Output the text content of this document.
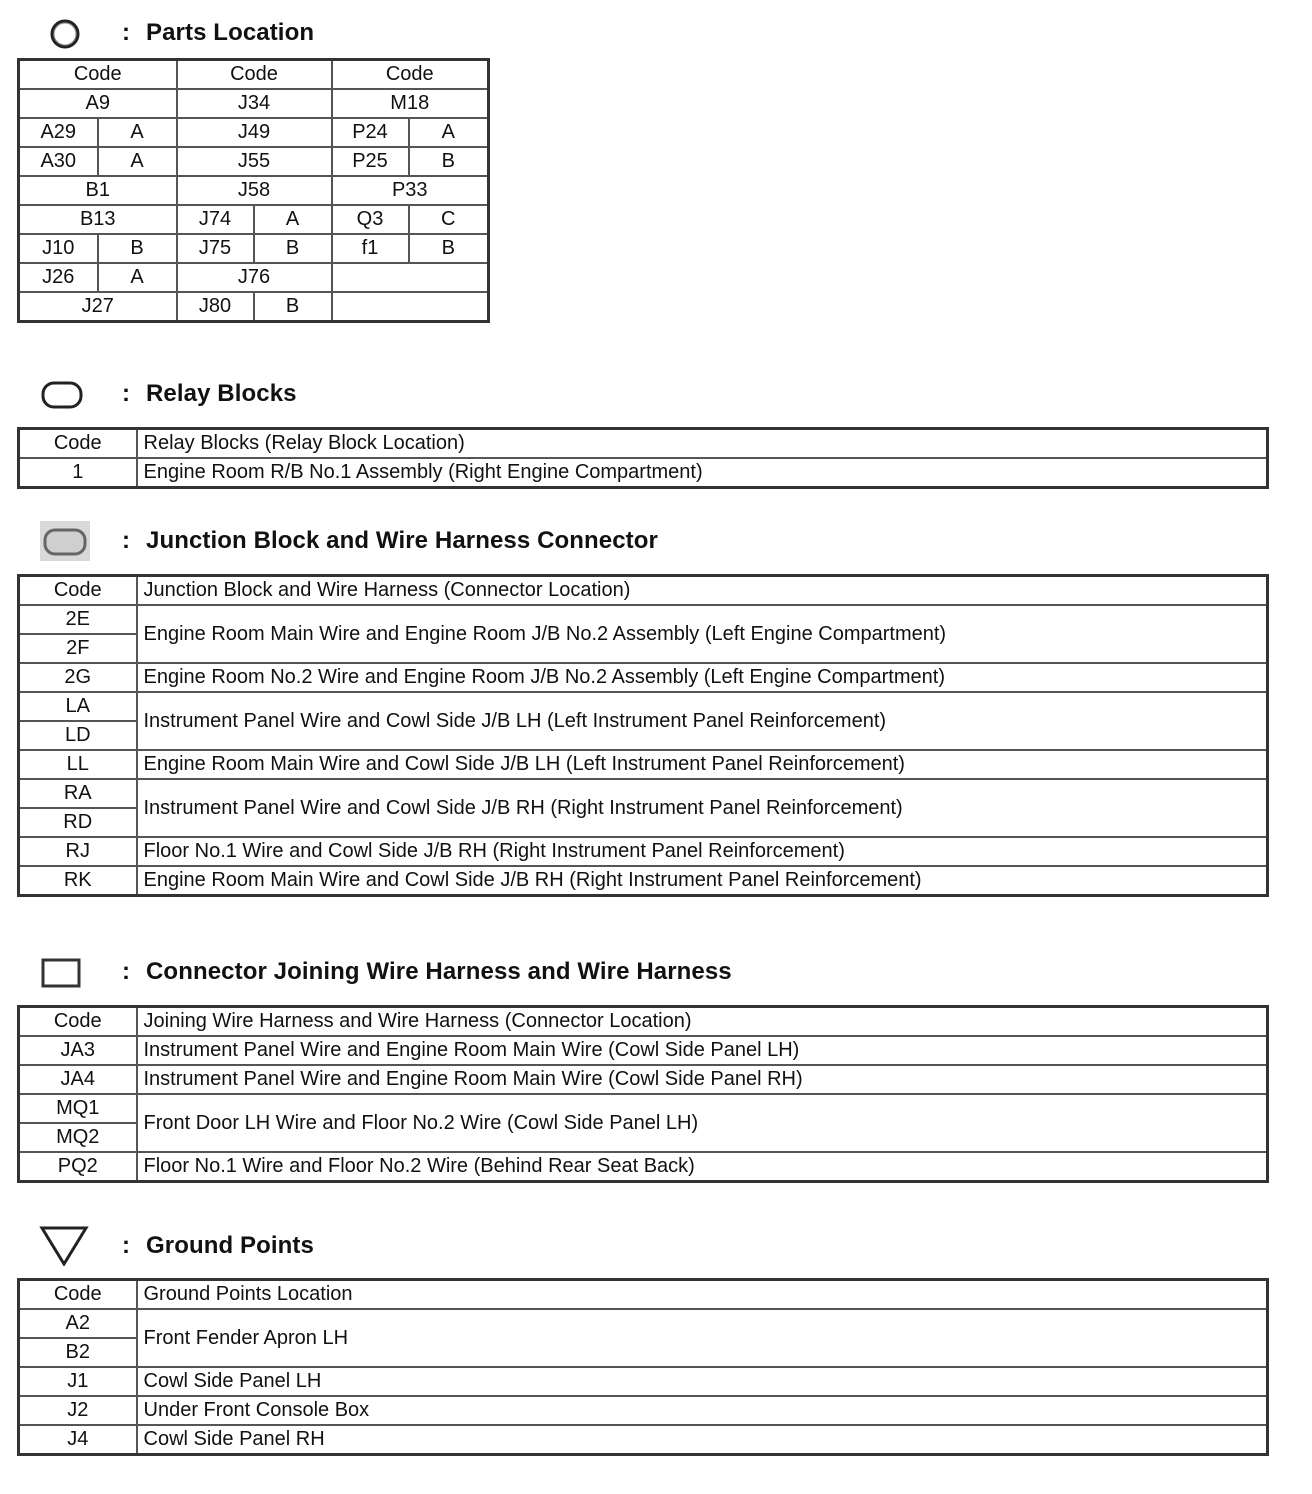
: Parts Location
Code		Code		Code	
A9		J34		M18	
A29	A	J49		P24	A
A30	A	J55		P25	B
B1		J58		P33	
B13		J74	A	Q3	C
J10	B	J75	B	f1	B
J26	A	J76			
J27		J80	B		
: Relay Blocks
Code	Relay Blocks (Relay Block Location)
1	Engine Room R/B No.1 Assembly (Right Engine Compartment)
: Junction Block and Wire Harness Connector
Code	Junction Block and Wire Harness (Connector Location)
2E	Engine Room Main Wire and Engine Room J/B No.2 Assembly (Left Engine Compartment)
2F	
2G	Engine Room No.2 Wire and Engine Room J/B No.2 Assembly (Left Engine Compartment)
LA	Instrument Panel Wire and Cowl Side J/B LH (Left Instrument Panel Reinforcement)
LD	
LL	Engine Room Main Wire and Cowl Side J/B LH (Left Instrument Panel Reinforcement)
RA	Instrument Panel Wire and Cowl Side J/B RH (Right Instrument Panel Reinforcement)
RD	
RJ	Floor No.1 Wire and Cowl Side J/B RH (Right Instrument Panel Reinforcement)
RK	Engine Room Main Wire and Cowl Side J/B RH (Right Instrument Panel Reinforcement)
: Connector Joining Wire Harness and Wire Harness
Code	Joining Wire Harness and Wire Harness (Connector Location)
JA3	Instrument Panel Wire and Engine Room Main Wire (Cowl Side Panel LH)
JA4	Instrument Panel Wire and Engine Room Main Wire (Cowl Side Panel RH)
MQ1	Front Door LH Wire and Floor No.2 Wire (Cowl Side Panel LH)
MQ2	
PQ2	Floor No.1 Wire and Floor No.2 Wire (Behind Rear Seat Back)
: Ground Points
Code	Ground Points Location
A2	Front Fender Apron LH
B2	
J1	Cowl Side Panel LH
J2	Under Front Console Box
J4	Cowl Side Panel RH
